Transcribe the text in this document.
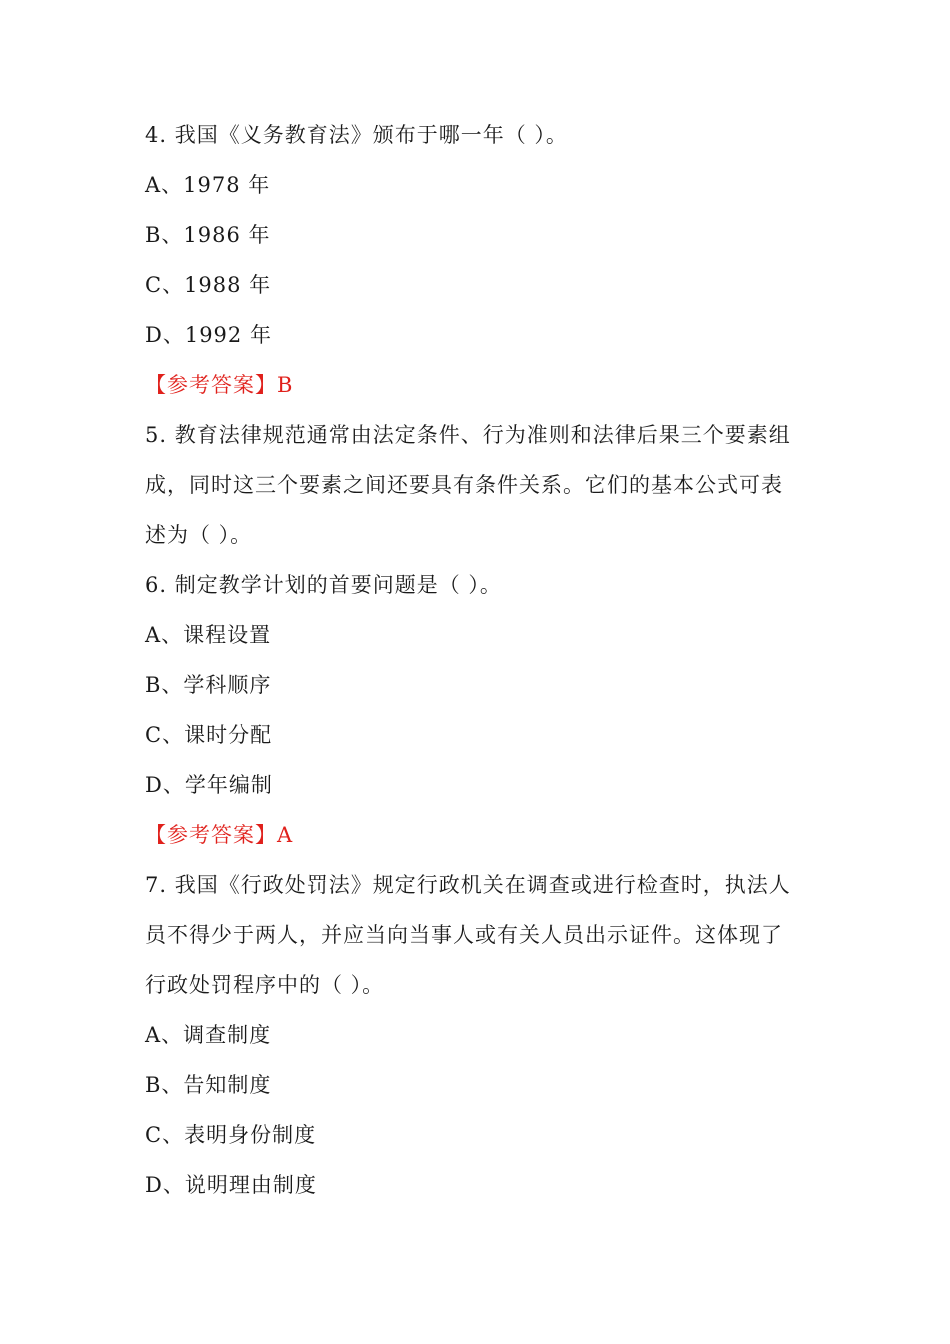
4. 我国《义务教育法》颁布于哪一年（ ）。
A、1978 年
B、1986 年
C、1988 年
D、1992 年
【参考答案】B
5. 教育法律规范通常由法定条件、行为准则和法律后果三个要素组
成，同时这三个要素之间还要具有条件关系。它们的基本公式可表
述为（ ）。
6. 制定教学计划的首要问题是（ ）。
A、课程设置
B、学科顺序
C、课时分配
D、学年编制
【参考答案】A
7. 我国《行政处罚法》规定行政机关在调查或进行检查时，执法人
员不得少于两人，并应当向当事人或有关人员出示证件。这体现了
行政处罚程序中的（ ）。
A、调查制度
B、告知制度
C、表明身份制度
D、说明理由制度
